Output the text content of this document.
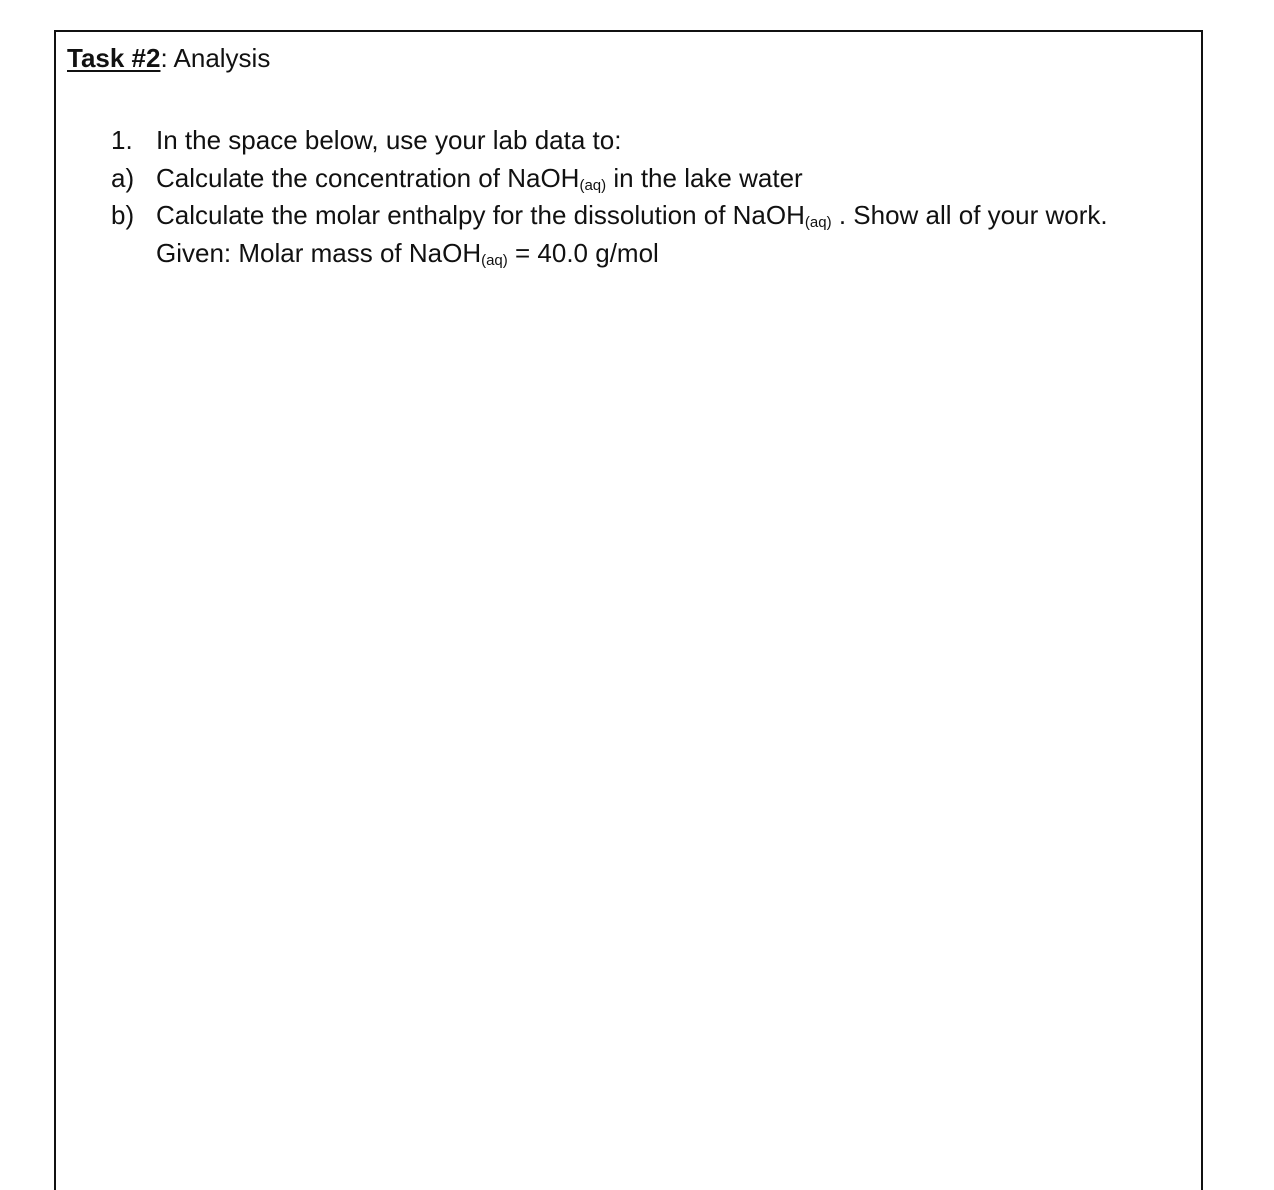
Task #2: Analysis
1. In the space below, use your lab data to:
a) Calculate the concentration of NaOH$_{(aq)}$ in the lake water
b) Calculate the molar enthalpy for the dissolution of NaOH$_{(aq)}$ . Show all of your work.
Given: Molar mass of NaOH$_{(aq)}$ = 40.0 g/mol
